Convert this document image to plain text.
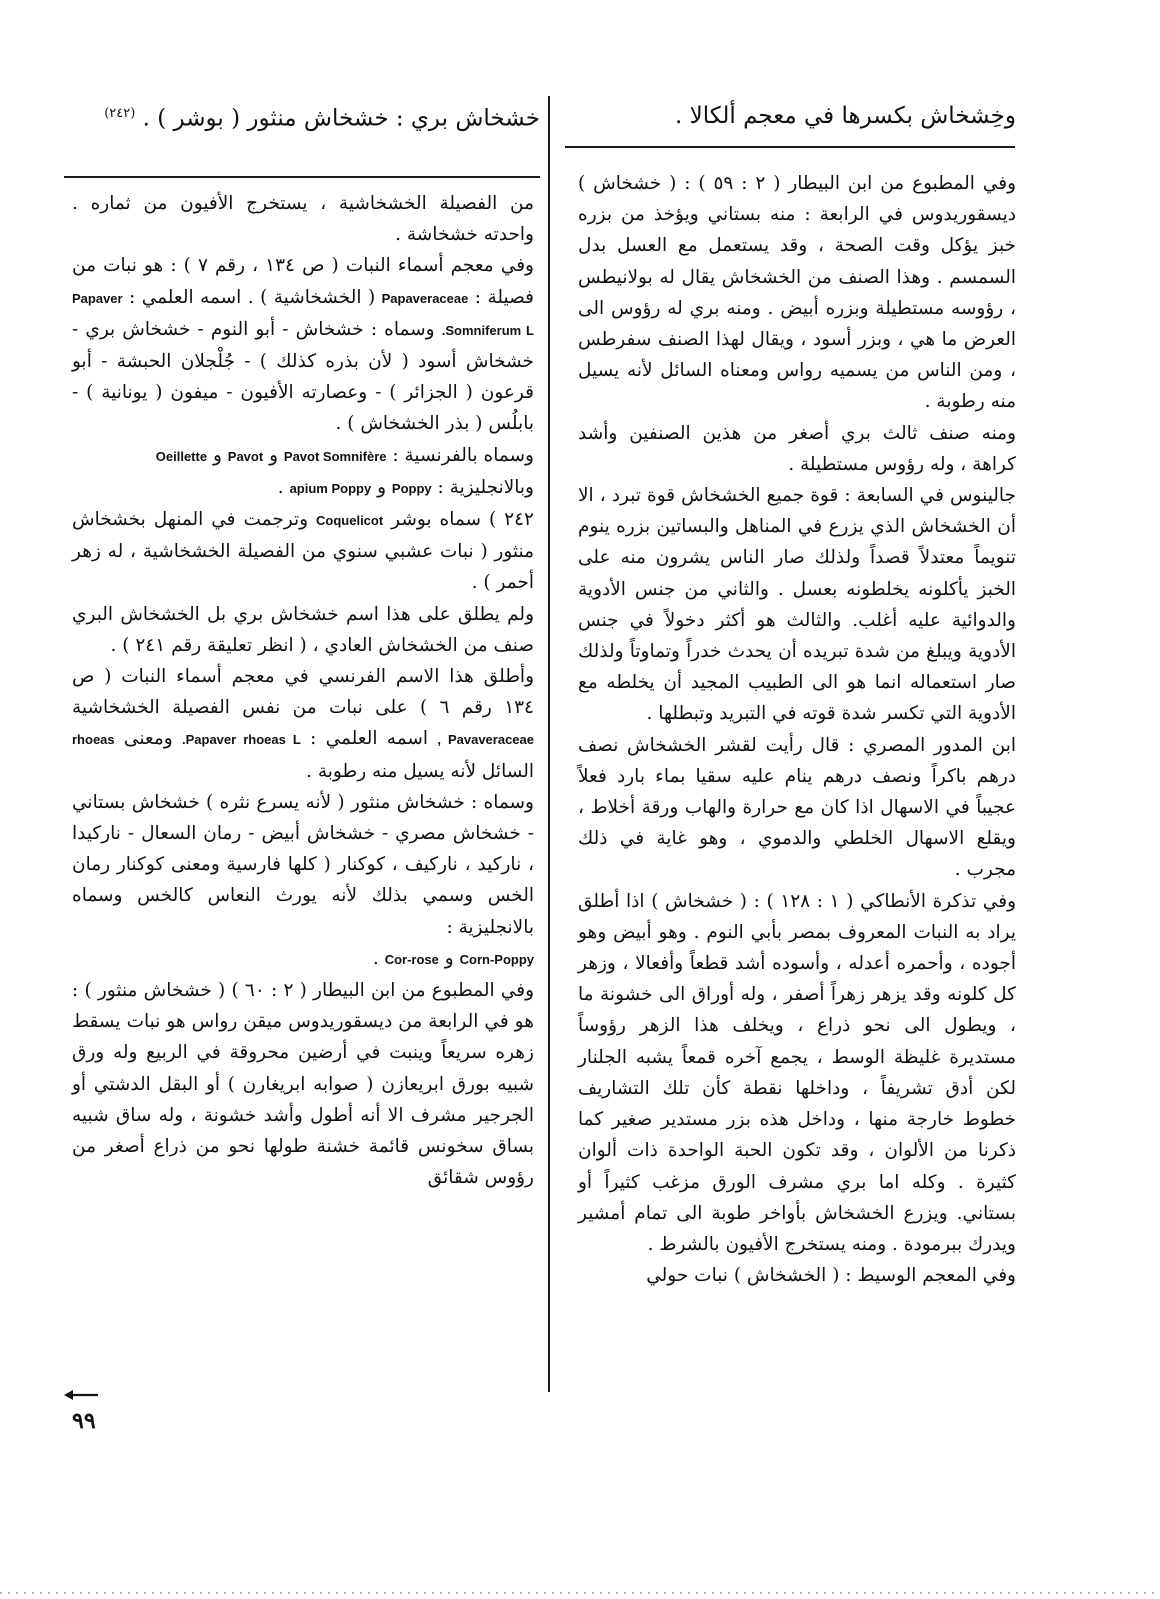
وخِشخاش بكسرها في معجم ألكالا .
خشخاش بري : خشخاش منثور ( بوشر ) . $^{(٢٤٢)}$

وفي المطبوع من ابن البيطار ( ٢ : ٥٩ ) : ( خشخاش ) ديسقوريدوس في الرابعة : منه بستاني ويؤخذ من بزره خبز يؤكل وقت الصحة ، وقد يستعمل مع العسل بدل السمسم . وهذا الصنف من الخشخاش يقال له بولانيطس ، رؤوسه مستطيلة وبزره أبيض . ومنه بري له رؤوس الى العرض ما هي ، وبزر أسود ، ويقال لهذا الصنف سفرطس ، ومن الناس من يسميه رواس ومعناه السائل لأنه يسيل منه رطوبة .

ومنه صنف ثالث بري أصغر من هذين الصنفين وأشد كراهة ، وله رؤوس مستطيلة .

جالينوس في السابعة : قوة جميع الخشخاش قوة تبرد ، الا أن الخشخاش الذي يزرع في المناهل والبساتين بزره ينوم تنويماً معتدلاً قصداً ولذلك صار الناس يشرون منه على الخبز يأكلونه يخلطونه بعسل . والثاني من جنس الأدوية والدوائية عليه أغلب. والثالث هو أكثر دخولاً في جنس الأدوية ويبلغ من شدة تبريده أن يحدث خدراً وتماوتاً ولذلك صار استعماله انما هو الى الطبيب المجيد أن يخلطه مع الأدوية التي تكسر شدة قوته في التبريد وتبطلها .

ابن المدور المصري : قال رأيت لقشر الخشخاش نصف درهم باكراً ونصف درهم ينام عليه سقيا بماء بارد فعلاً عجيباً في الاسهال اذا كان مع حرارة والهاب ورقة أخلاط ، ويقلع الاسهال الخلطي والدموي ، وهو غاية في ذلك مجرب .

وفي تذكرة الأنطاكي ( ١ : ١٢٨ ) : ( خشخاش ) اذا أطلق يراد به النبات المعروف بمصر بأبي النوم . وهو أبيض وهو أجوده ، وأحمره أعدله ، وأسوده أشد قطعاً وأفعالا ، وزهر كل كلونه وقد يزهر زهراً أصفر ، وله أوراق الى خشونة ما ، ويطول الى نحو ذراع ، ويخلف هذا الزهر رؤوساً مستديرة غليظة الوسط ، يجمع آخره قمعاً يشبه الجلنار لكن أدق تشريفاً ، وداخلها نقطة كأن تلك التشاريف خطوط خارجة منها ، وداخل هذه بزر مستدير صغير كما ذكرنا من الألوان ، وقد تكون الحبة الواحدة ذات ألوان كثيرة . وكله اما بري مشرف الورق مزغب كثيراً أو بستاني. ويزرع الخشخاش بأواخر طوبة الى تمام أمشير ويدرك ببرمودة . ومنه يستخرج الأفيون بالشرط .

وفي المعجم الوسيط : ( الخشخاش ) نبات حولي

من الفصيلة الخشخاشية ، يستخرج الأفيون من ثماره . واحدته خشخاشة .

وفي معجم أسماء النبات ( ص ١٣٤ ، رقم ٧ ) : هو نبات من فصيلة : Papaveraceae ( الخشخاشية ) . اسمه العلمي : Papaver Somniferum L. وسماه : خشخاش - أبو النوم - خشخاش بري - خشخاش أسود ( لأن بذره كذلك ) - جُلْجلان الحبشة - أبو قرعون ( الجزائر ) - وعصارته الأفيون - ميفون ( يونانية ) - بابلُس ( بذر الخشخاش ) .

وسماه بالفرنسية : Pavot Somnifère و Pavot و Oeillette

وبالانجليزية : Poppy و apium Poppy .

٢٤٢ ) سماه بوشر Coquelicot وترجمت في المنهل بخشخاش منثور ( نبات عشبي سنوي من الفصيلة الخشخاشية ، له زهر أحمر ) .

ولم يطلق على هذا اسم خشخاش بري بل الخشخاش البري صنف من الخشخاش العادي ، ( انظر تعليقة رقم ٢٤١ ) .

وأطلق هذا الاسم الفرنسي في معجم أسماء النبات ( ص ١٣٤ رقم ٦ ) على نبات من نفس الفصيلة الخشخاشية Pavaveraceae , اسمه العلمي : Papaver rhoeas L. ومعنى rhoeas السائل لأنه يسيل منه رطوبة .

وسماه : خشخاش منثور ( لأنه يسرع نثره ) خشخاش بستاني - خشخاش مصري - خشخاش أبيض - رمان السعال - ناركيدا ، ناركيد ، ناركيف ، كوكنار ( كلها فارسية ومعنى كوكنار رمان الخس وسمي بذلك لأنه يورث النعاس كالخس وسماه بالانجليزية :

Corn-Poppy و Cor-rose .

وفي المطبوع من ابن البيطار ( ٢ : ٦٠ ) ( خشخاش منثور ) : هو في الرابعة من ديسقوريدوس ميقن رواس هو نبات يسقط زهره سريعاً وينبت في أرضين محروقة في الربيع وله ورق شبيه بورق ابريعازن ( صوابه ابريغارن ) أو البقل الدشتي أو الجرجير مشرف الا أنه أطول وأشد خشونة ، وله ساق شبيه بساق سخونس قائمة خشنة طولها نحو من ذراع أصغر من رؤوس شقائق

٩٩
